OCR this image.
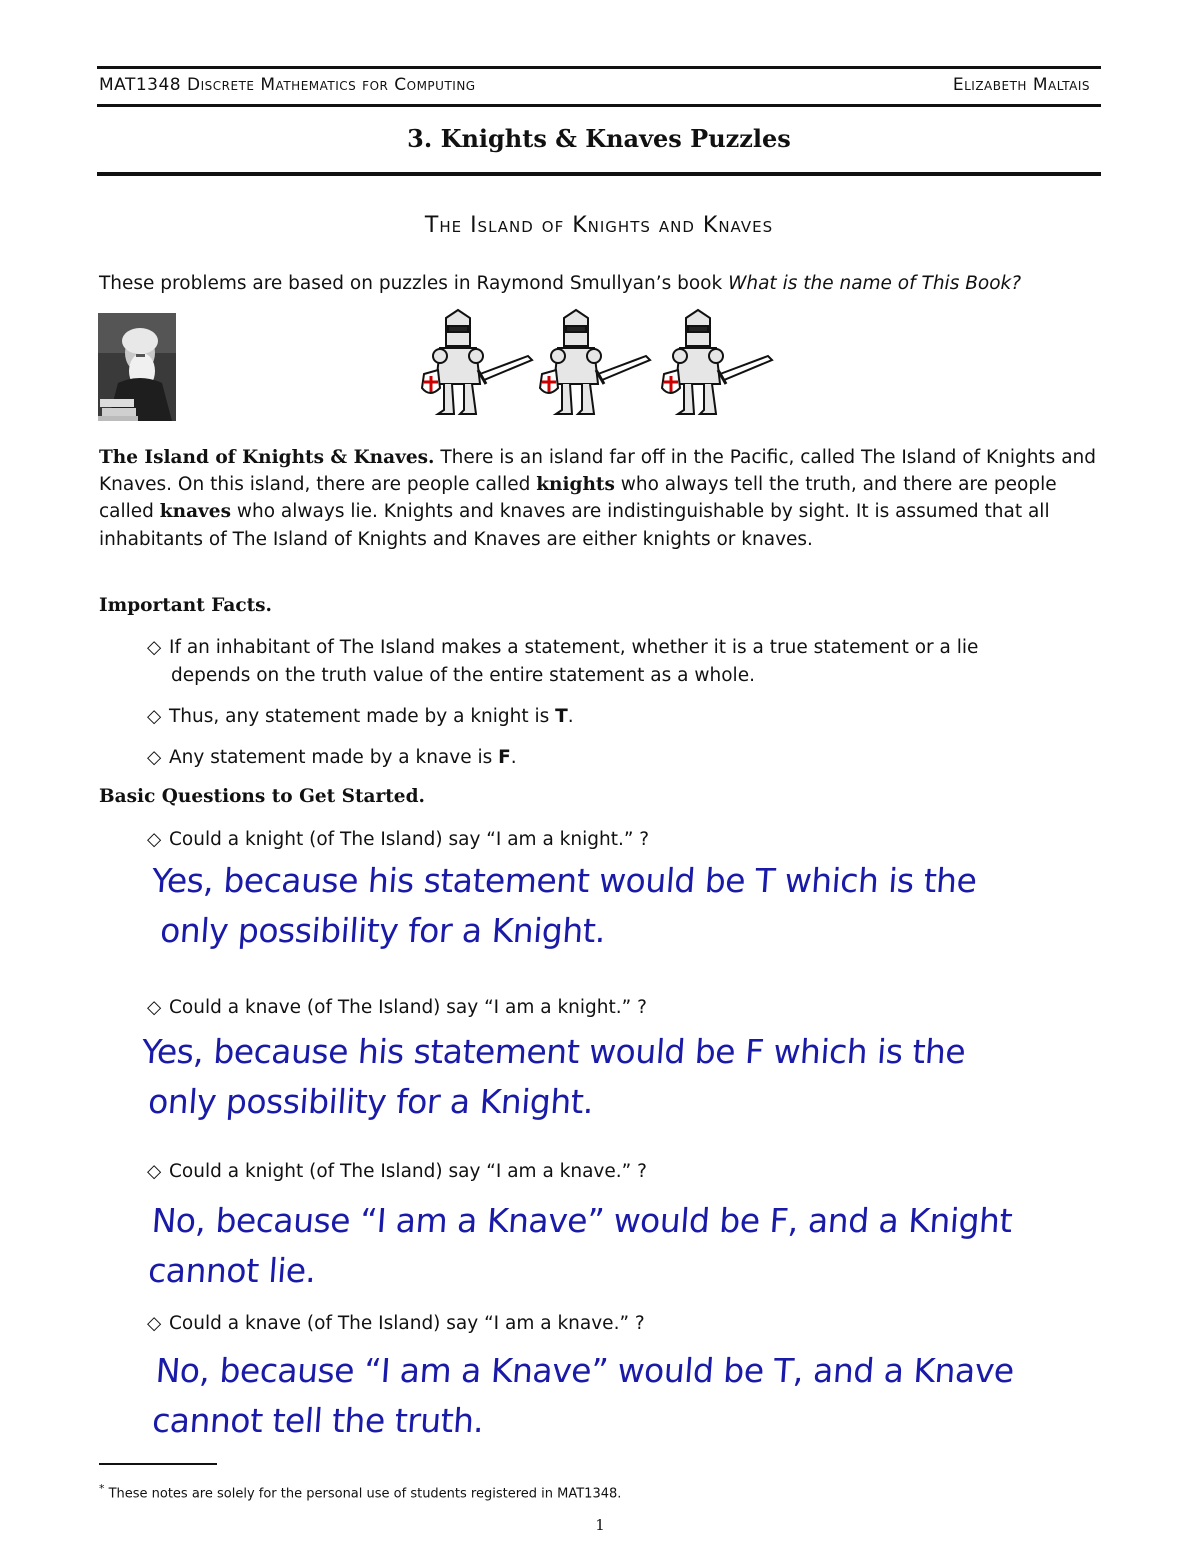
MAT1348 Discrete Mathematics for Computing	Elizabeth Maltais
3. Knights & Knaves Puzzles
The Island of Knights and Knaves
These problems are based on puzzles in Raymond Smullyan’s book What is the name of This Book?
The Island of Knights & Knaves. There is an island far off in the Pacific, called The Island of Knights and Knaves. On this island, there are people called knights who always tell the truth, and there are people called knaves who always lie. Knights and knaves are indistinguishable by sight. It is assumed that all inhabitants of The Island of Knights and Knaves are either knights or knaves.
Important Facts.
◇ If an inhabitant of The Island makes a statement, whether it is a true statement or a lie
depends on the truth value of the entire statement as a whole.
◇ Thus, any statement made by a knight is T.
◇ Any statement made by a knave is F.
Basic Questions to Get Started.
◇ Could a knight (of The Island) say “I am a knight.” ?
Yes, because his statement would be T which is the
only possibility for a Knight.
◇ Could a knave (of The Island) say “I am a knight.” ?
Yes, because his statement would be F which is the
only possibility for a Knight.
◇ Could a knight (of The Island) say “I am a knave.” ?
No, because “I am a Knave” would be F, and a Knight
cannot lie.
◇ Could a knave (of The Island) say “I am a knave.” ?
No, because “I am a Knave” would be T, and a Knave
cannot tell the truth.
* These notes are solely for the personal use of students registered in MAT1348.
1
